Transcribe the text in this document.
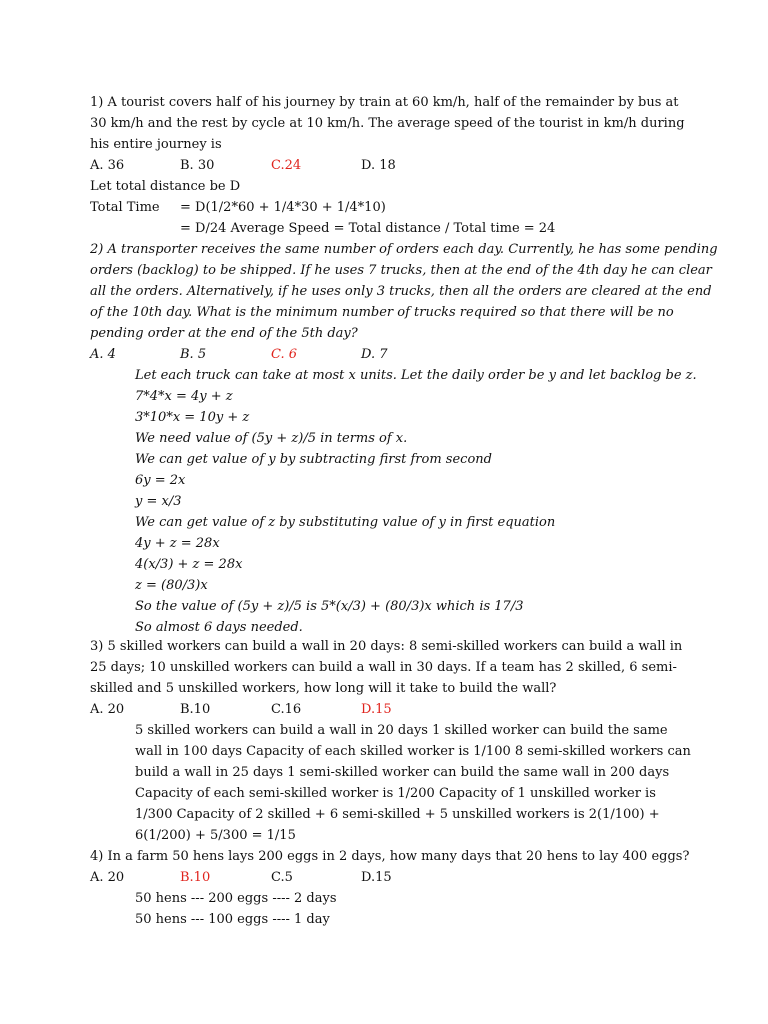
1) A tourist covers half of his journey by train at 60 km/h, half of the remainder by bus at
30 km/h and the rest by cycle at 10 km/h. The average speed of the tourist in km/h during
his entire journey is
A. 36	B. 30	C.24	D. 18
Let total distance be D
Total Time = D(1/2*60 + 1/4*30 + 1/4*10)
= D/24 Average Speed = Total distance / Total time = 24
2) A transporter receives the same number of orders each day. Currently, he has some pending
orders (backlog) to be shipped. If he uses 7 trucks, then at the end of the 4th day he can clear
all the orders. Alternatively, if he uses only 3 trucks, then all the orders are cleared at the end
of the 10th day. What is the minimum number of trucks required so that there will be no
pending order at the end of the 5th day?
A. 4	B. 5	C. 6	D. 7
Let each truck can take at most x units. Let the daily order be y and let backlog be z.
7*4*x = 4y + z
3*10*x = 10y + z
We need value of (5y + z)/5 in terms of x.
We can get value of y by subtracting first from second
6y = 2x
y = x/3
We can get value of z by substituting value of y in first equation
4y + z = 28x
4(x/3) + z = 28x
z = (80/3)x
So the value of (5y + z)/5 is 5*(x/3) + (80/3)x which is 17/3
So almost 6 days needed.
3) 5 skilled workers can build a wall in 20 days: 8 semi-skilled workers can build a wall in
25 days; 10 unskilled workers can build a wall in 30 days. If a team has 2 skilled, 6 semi-
skilled and 5 unskilled workers, how long will it take to build the wall?
A. 20	B.10	C.16	D.15
5 skilled workers can build a wall in 20 days 1 skilled worker can build the same
wall in 100 days Capacity of each skilled worker is 1/100 8 semi-skilled workers can
build a wall in 25 days 1 semi-skilled worker can build the same wall in 200 days
Capacity of each semi-skilled worker is 1/200 Capacity of 1 unskilled worker is
1/300 Capacity of 2 skilled + 6 semi-skilled + 5 unskilled workers is 2(1/100) +
6(1/200) + 5/300 = 1/15
4) In a farm 50 hens lays 200 eggs in 2 days, how many days that 20 hens to lay 400 eggs?
A. 20	B.10	C.5	D.15
50 hens --- 200 eggs ---- 2 days
50 hens --- 100 eggs ---- 1 day
